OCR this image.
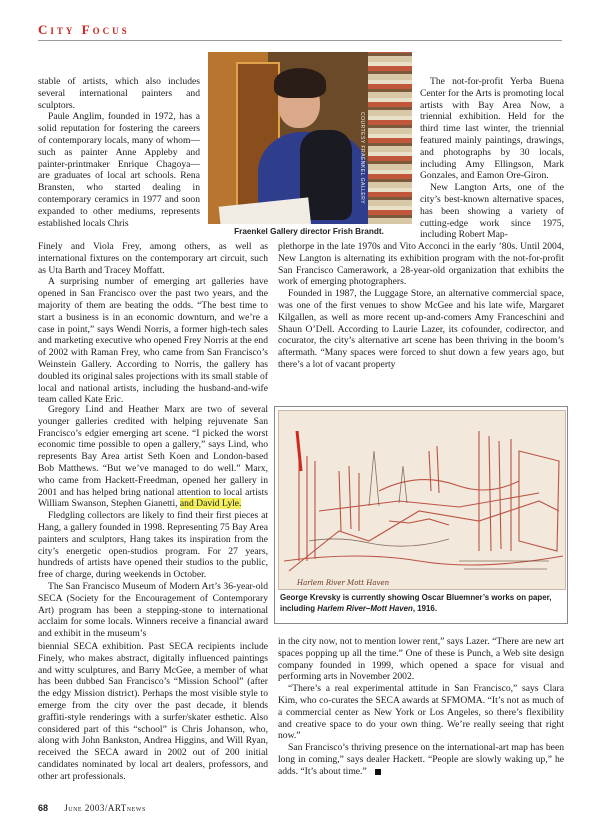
City Focus
COURTESY FRAENKEL GALLERY
Fraenkel Gallery director Frish Brandt.

stable of artists, which also includes several international painters and sculptors.

Paule Anglim, founded in 1972, has a solid reputation for fostering the careers of contemporary locals, many of whom—such as painter Anne Appleby and painter-printmaker Enrique Chagoya—are graduates of local art schools. Rena Bransten, who started dealing in contemporary ceramics in 1977 and soon expanded to other mediums, represents established locals Chris

The not-for-profit Yerba Buena Center for the Arts is promoting local artists with Bay Area Now, a triennial exhibition. Held for the third time last winter, the triennial featured mainly paintings, drawings, and photographs by 30 locals, including Amy Ellingson, Mark Gonzales, and Eamon Ore-Giron.

New Langton Arts, one of the city’s best-known alternative spaces, has been showing a variety of cutting-edge work since 1975, including Robert Map-

Finely and Viola Frey, among others, as well as international fixtures on the contemporary art circuit, such as Uta Barth and Tracey Moffatt.

A surprising number of emerging art galleries have opened in San Francisco over the past two years, and the majority of them are beating the odds. “The best time to start a business is in an economic downturn, and we’re a case in point,” says Wendi Norris, a former high-tech sales and marketing executive who opened Frey Norris at the end of 2002 with Raman Frey, who came from San Francisco’s Weinstein Gallery. According to Norris, the gallery has doubled its original sales projections with its small stable of local and national artists, including the husband-and-wife team called Kate Eric.

plethorpe in the late 1970s and Vito Acconci in the early ’80s. Until 2004, New Langton is alternating its exhibition program with the not-for-profit San Francisco Camerawork, a 28-year-old organization that exhibits the work of emerging photographers.

Founded in 1987, the Luggage Store, an alternative commercial space, was one of the first venues to show McGee and his late wife, Margaret Kilgallen, as well as more recent up-and-comers Amy Franceschini and Shaun O’Dell. According to Laurie Lazer, its cofounder, codirector, and cocurator, the city’s alternative art scene has been thriving in the boom’s aftermath. “Many spaces were forced to shut down a few years ago, but there’s a lot of vacant property

Gregory Lind and Heather Marx are two of several younger galleries credited with helping rejuvenate San Francisco’s edgier emerging art scene. “I picked the worst economic time possible to open a gallery,” says Lind, who represents Bay Area artist Seth Koen and London-based Bob Matthews. “But we’ve managed to do well.” Marx, who came from Hackett-Freedman, opened her gallery in 2001 and has helped bring national attention to local artists William Swanson, Stephen Gianetti, and David Lyle.

Fledgling collectors are likely to find their first pieces at Hang, a gallery founded in 1998. Representing 75 Bay Area painters and sculptors, Hang takes its inspiration from the city’s energetic open-studios program. For 27 years, hundreds of artists have opened their studios to the public, free of charge, during weekends in October.

The San Francisco Museum of Modern Art’s 36-year-old SECA (Society for the Encouragement of Contemporary Art) program has been a stepping-stone to international acclaim for some locals. Winners receive a financial award and exhibit in the museum’s

biennial SECA exhibition. Past SECA recipients include Finely, who makes abstract, digitally influenced paintings and witty sculptures, and Barry McGee, a member of what has been dubbed San Francisco’s “Mission School” (after the edgy Mission district). Perhaps the most visible style to emerge from the city over the past decade, it blends graffiti-style renderings with a surfer/skater esthetic. Also considered part of this “school” is Chris Johanson, who, along with John Bankston, Andrea Higgins, and Will Ryan, received the SECA award in 2002 out of 200 initial candidates nominated by local art dealers, professors, and other art professionals.

Harlem River Mott Haven
George Krevsky is currently showing Oscar Bluemner’s works on paper, including Harlem River–Mott Haven, 1916.

in the city now, not to mention lower rent,” says Lazer. “There are new art spaces popping up all the time.” One of these is Punch, a Web site design company founded in 1999, which opened a space for visual and performing arts in November 2002.

“There’s a real experimental attitude in San Francisco,” says Clara Kim, who co-curates the SECA awards at SFMOMA. “It’s not as much of a commercial center as New York or Los Angeles, so there’s flexibility and creative space to do your own thing. We’re really seeing that right now.”

San Francisco’s thriving presence on the international-art map has been long in coming,” says dealer Hackett. “People are slowly waking up,” he adds. “It’s about time.”

68 June 2003/ARTnews
